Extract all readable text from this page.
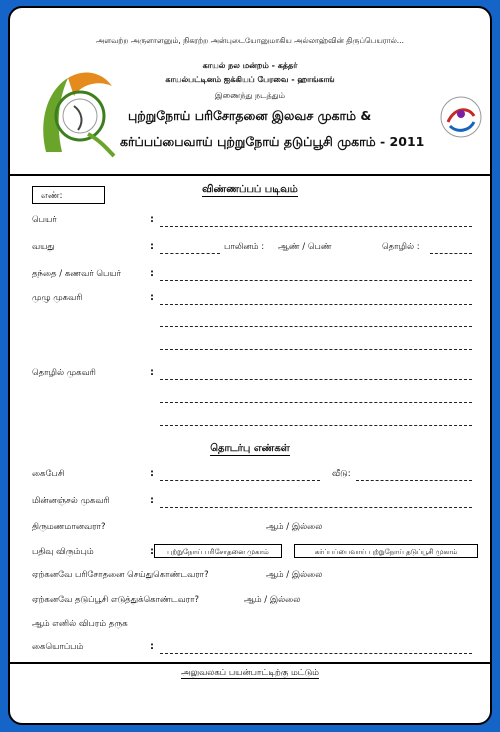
அளவற்ற அருளாளனும், நிகரற்ற அன்புடையோனுமாகிய அல்லாஹ்வின் திருப்பெயரால்...
காயல் நல மன்றம் - கத்தர்
காயல்பட்டினம் ஐக்கியப் பேரவை - ஹாங்காங்
இணைந்து நடத்தும்
புற்றுநோய் பரிசோதனை இலவச முகாம் &
கர்ப்பப்பைவாய் புற்றுநோய் தடுப்பூசி முகாம் - 2011
எண்:
விண்ணப்பப் படிவம்
பெயர்	:
வயது	:	பாலினம் : ஆண் / பெண்	தொழில் :
தந்தை / கணவர் பெயர்	:
முழு முகவரி	:
தொழில் முகவரி	:
தொடர்பு எண்கள்
கைபேசி	:	வீடு:
மின்னஞ்சல் முகவரி	:
திருமணமானவரா?	ஆம் / இல்லை
பதிவு விரும்பும்	:	புற்றுநோய் பரிசோதனை முகாம்	கர்ப்பப்பைவாய் புற்றுநோய் தடுப்பூசி முகாம்
ஏற்கனவே பரிசோதனை செய்துகொண்டவரா?	ஆம் / இல்லை
ஏற்கனவே தடுப்பூசி எடுத்துக்கொண்டவரா?	ஆம் / இல்லை
ஆம் எனில் விபரம் தருக
கையொப்பம்	:
அலுவலகப் பயன்பாட்டிற்கு மட்டும்
